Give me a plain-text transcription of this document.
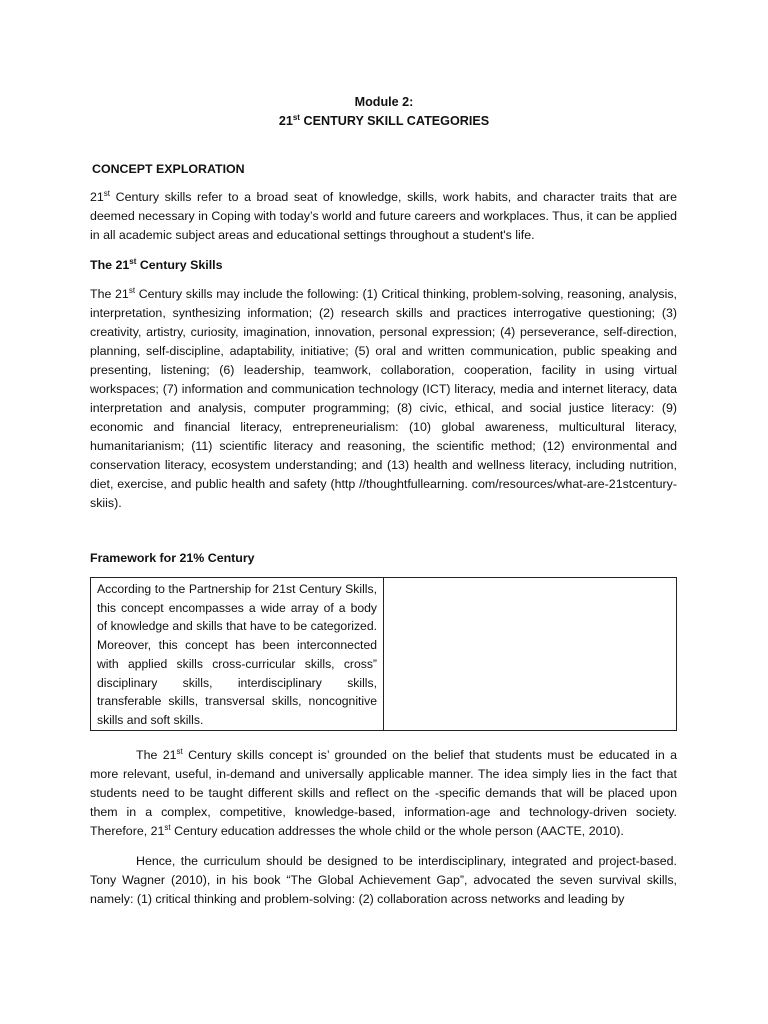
Module 2:
21st CENTURY SKILL CATEGORIES
CONCEPT EXPLORATION

21st Century skills refer to a broad seat of knowledge, skills, work habits, and character traits that are deemed necessary in Coping with today’s world and future careers and workplaces. Thus, it can be applied in all academic subject areas and educational settings throughout a student's life.

The 21st Century Skills

The 21st Century skills may include the following: (1) Critical thinking, problem-solving, reasoning, analysis, interpretation, synthesizing information; (2) research skills and practices interrogative questioning; (3) creativity, artistry, curiosity, imagination, innovation, personal expression; (4) perseverance, self-direction, planning, self-discipline, adaptability, initiative; (5) oral and written communication, public speaking and presenting, listening; (6) leadership, teamwork, collaboration, cooperation, facility in using virtual workspaces; (7) information and communication technology (ICT) literacy, media and internet literacy, data interpretation and analysis, computer programming; (8) civic, ethical, and social justice literacy: (9) economic and financial literacy, entrepreneurialism: (10) global awareness, multicultural literacy, humanitarianism; (11) scientific literacy and reasoning, the scientific method; (12) environmental and conservation literacy, ecosystem understanding; and (13) health and wellness literacy, including nutrition, diet, exercise, and public health and safety (http //thoughtfullearning. com/resources/what-are-21stcentury-skiis).

Framework for 21% Century
According to the Partnership for 21st Century Skills, this concept encompasses a wide array of a body of knowledge and skills that have to be categorized. Moreover, this concept has been interconnected with applied skills cross-curricular skills, cross” disciplinary skills, interdisciplinary skills, transferable skills, transversal skills, noncognitive skills and soft skills.

The 21st Century skills concept is’ grounded on the belief that students must be educated in a more relevant, useful, in-demand and universally applicable manner. The idea simply lies in the fact that students need to be taught different skills and reflect on the -specific demands that will be placed upon them in a complex, competitive, knowledge-based, information-age and technology-driven society. Therefore, 21st Century education addresses the whole child or the whole person (AACTE, 2010).

Hence, the curriculum should be designed to be interdisciplinary, integrated and project-based. Tony Wagner (2010), in his book “The Global Achievement Gap”, advocated the seven survival skills, namely: (1) critical thinking and problem-solving: (2) collaboration across networks and leading by
